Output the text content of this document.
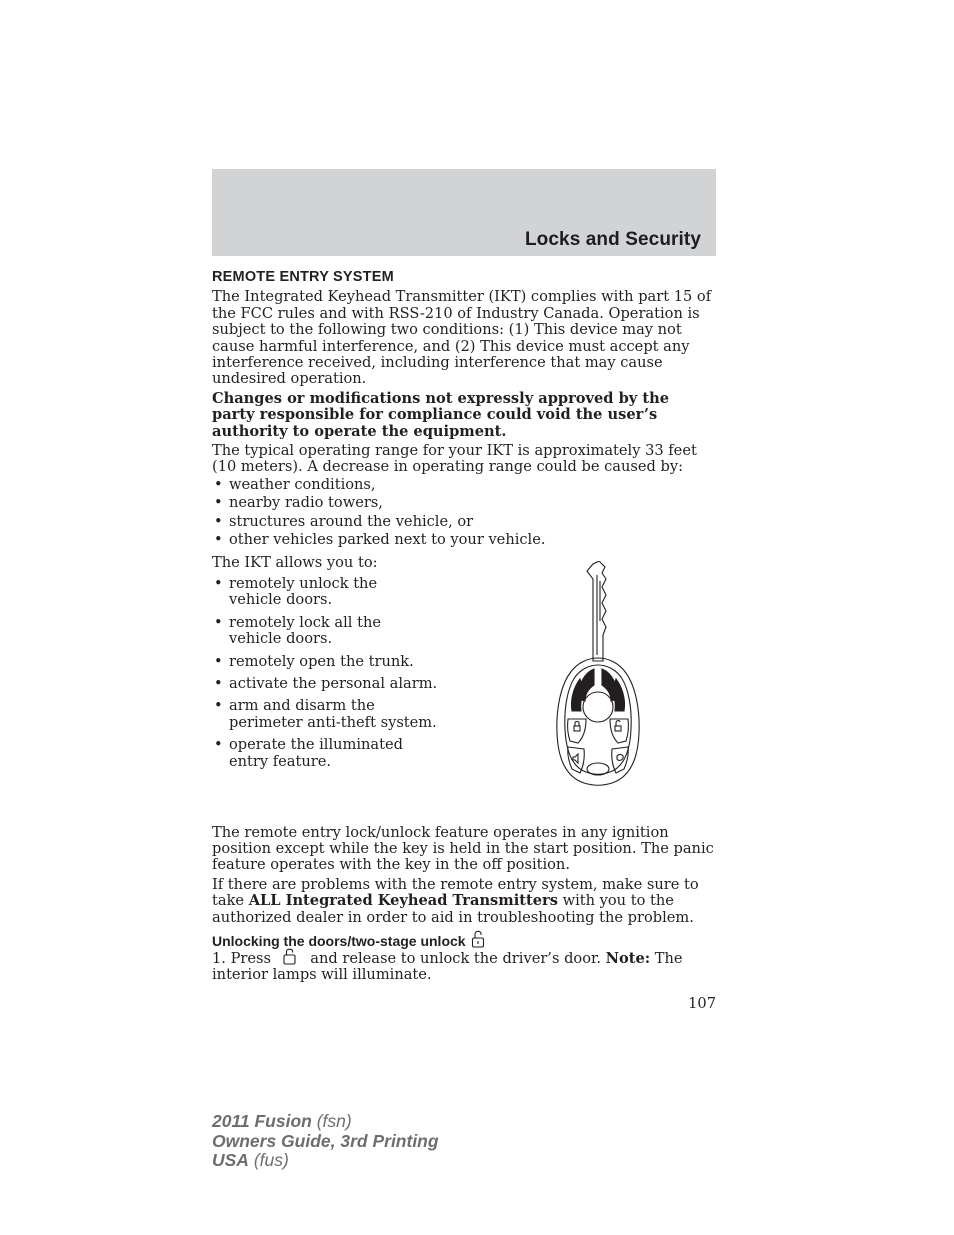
Locks and Security
REMOTE ENTRY SYSTEM

The Integrated Keyhead Transmitter (IKT) complies with part 15 of the FCC rules and with RSS-210 of Industry Canada. Operation is subject to the following two conditions: (1) This device may not cause harmful interference, and (2) This device must accept any interference received, including interference that may cause undesired operation.

Changes or modifications not expressly approved by the party responsible for compliance could void the user’s authority to operate the equipment.

The typical operating range for your IKT is approximately 33 feet (10 meters). A decrease in operating range could be caused by:

• weather conditions,
• nearby radio towers,
• structures around the vehicle, or
• other vehicles parked next to your vehicle.

The IKT allows you to:

• remotely unlock the vehicle doors.
• remotely lock all the vehicle doors.
• remotely open the trunk.
• activate the personal alarm.
• arm and disarm the perimeter anti-theft system.
• operate the illuminated entry feature.

The remote entry lock/unlock feature operates in any ignition position except while the key is held in the start position. The panic feature operates with the key in the off position.

If there are problems with the remote entry system, make sure to take ALL Integrated Keyhead Transmitters with you to the authorized dealer in order to aid in troubleshooting the problem.

Unlocking the doors/two-stage unlock

1. Press  and release to unlock the driver’s door. Note: The interior lamps will illuminate.

107
2011 Fusion (fsn)
Owners Guide, 3rd Printing
USA (fus)
